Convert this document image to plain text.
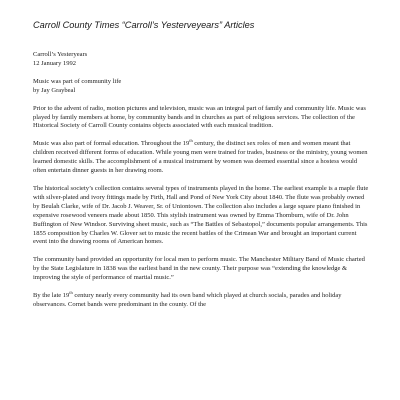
Carroll County Times “Carroll’s Yesterveyears” Articles
Carroll’s Yesteryears
12 January 1992
Music was part of community life
by Jay Graybeal

Prior to the advent of radio, motion pictures and television, music was an integral part of family and community life. Music was played by family members at home, by community bands and in churches as part of religious services. The collection of the Historical Society of Carroll County contains objects associated with each musical tradition.

Music was also part of formal education. Throughout the 19th century, the distinct sex roles of men and women meant that children received different forms of education. While young men were trained for trades, business or the ministry, young women learned domestic skills. The accomplishment of a musical instrument by women was deemed essential since a hostess would often entertain dinner guests in her drawing room.

The historical society’s collection contains several types of instruments played in the home. The earliest example is a maple flute with silver-plated and ivory fittings made by Firth, Hall and Pond of New York City about 1840. The flute was probably owned by Beulah Clarke, wife of Dr. Jacob J. Weaver, Sr. of Uniontown. The collection also includes a large square piano finished in expensive rosewood veneers made about 1850. This stylish instrument was owned by Emma Thornburn, wife of Dr. John Buffington of New Windsor. Surviving sheet music, such as “The Battles of Sebastopol,” documents popular arrangements. This 1855 composition by Charles W. Glover set to music the recent battles of the Crimean War and brought an important current event into the drawing rooms of American homes.

The community band provided an opportunity for local men to perform music. The Manchester Military Band of Music charted by the State Legislature in 1838 was the earliest band in the new county. Their purpose was “extending the knowledge & improving the style of performance of martial music.”

By the late 19th century nearly every community had its own band which played at church socials, parades and holiday observances. Cornet bands were predominant in the county. Of the
